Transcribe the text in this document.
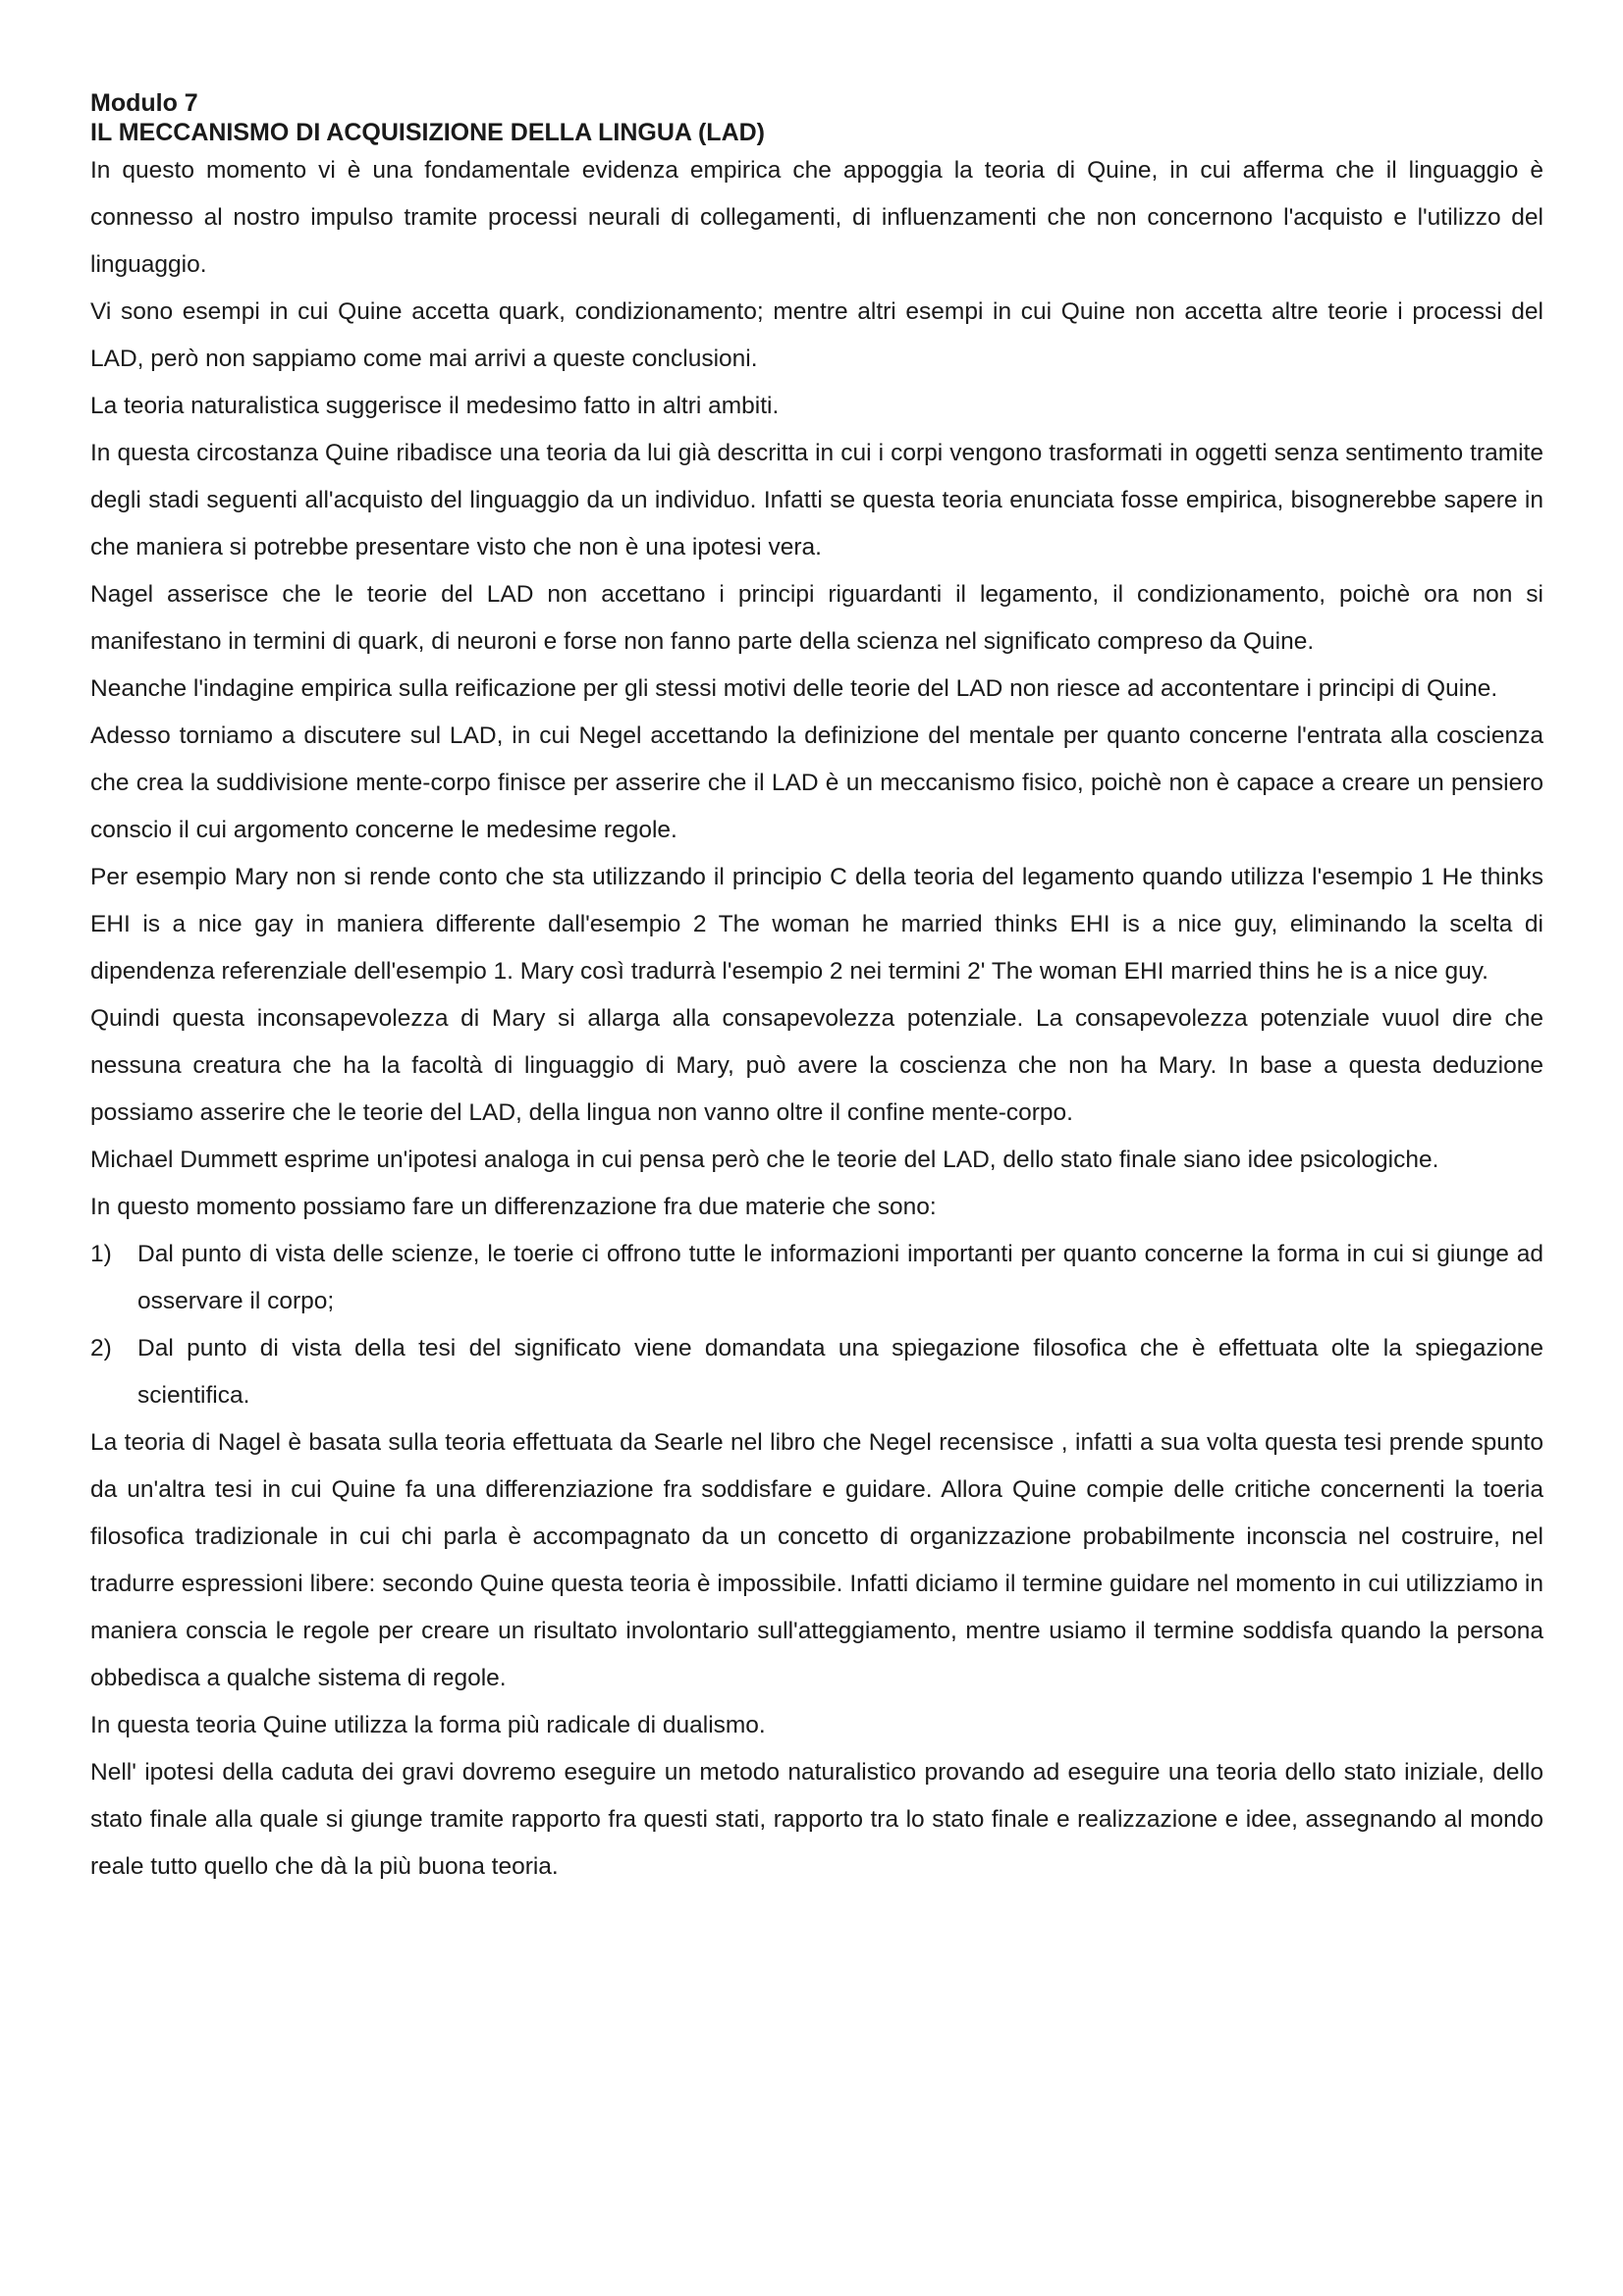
Modulo 7

IL MECCANISMO DI ACQUISIZIONE DELLA LINGUA (LAD)

In questo momento vi è una fondamentale evidenza empirica che appoggia la teoria di Quine, in cui afferma che il linguaggio è connesso al nostro impulso tramite processi neurali di collegamenti, di influenzamenti che non concernono l'acquisto e l'utilizzo del linguaggio.

Vi sono esempi in cui Quine accetta quark, condizionamento; mentre altri esempi in cui Quine non accetta altre teorie i processi del LAD, però non sappiamo come mai arrivi a queste conclusioni.

La teoria naturalistica suggerisce il medesimo fatto in altri ambiti.

In questa circostanza Quine ribadisce una teoria da lui già descritta in cui i corpi vengono trasformati in oggetti senza sentimento tramite degli stadi seguenti all'acquisto del linguaggio da un individuo. Infatti se questa teoria enunciata fosse empirica, bisognerebbe sapere in che maniera si potrebbe presentare visto che non è una ipotesi vera.

Nagel asserisce che le teorie del LAD non accettano i principi riguardanti il legamento, il condizionamento, poichè ora non si manifestano in termini di quark, di neuroni e forse non fanno parte della scienza nel significato compreso da Quine.

Neanche l'indagine empirica sulla reificazione per gli stessi motivi delle teorie del LAD non riesce ad accontentare i principi di Quine.

Adesso torniamo a discutere sul LAD, in cui Negel accettando la definizione del mentale per quanto concerne l'entrata alla coscienza che crea la suddivisione mente-corpo finisce per asserire che il LAD è un meccanismo fisico, poichè non è capace a creare un pensiero conscio il cui argomento concerne le medesime regole.

Per esempio Mary non si rende conto che sta utilizzando il principio C della teoria del legamento quando utilizza l'esempio 1 He thinks EHI is a nice gay in maniera differente dall'esempio 2 The woman he married thinks EHI is a nice guy, eliminando la scelta di dipendenza referenziale dell'esempio 1. Mary così tradurrà l'esempio 2 nei termini 2' The woman EHI married thins he is a nice guy.

Quindi questa inconsapevolezza di Mary si allarga alla consapevolezza potenziale. La consapevolezza potenziale vuuol dire che nessuna creatura che ha la facoltà di linguaggio di Mary, può avere la coscienza che non ha Mary. In base a questa deduzione possiamo asserire che le teorie del LAD, della lingua non vanno oltre il confine mente-corpo.

Michael Dummett esprime un'ipotesi analoga in cui pensa però che le teorie del LAD, dello stato finale siano idee psicologiche.

In questo momento possiamo fare un differenzazione fra due materie che sono:

1) Dal punto di vista delle scienze, le toerie ci offrono tutte le informazioni importanti per quanto concerne la forma in cui si giunge ad osservare il corpo;
2) Dal punto di vista della tesi del significato viene domandata una spiegazione filosofica che è effettuata olte la spiegazione scientifica.

La teoria di Nagel è basata sulla teoria effettuata da Searle nel libro che Negel recensisce , infatti a sua volta questa tesi prende spunto da un'altra tesi in cui Quine fa una differenziazione fra soddisfare e guidare. Allora Quine compie delle critiche concernenti la toeria filosofica tradizionale in cui chi parla è accompagnato da un concetto di organizzazione probabilmente inconscia nel costruire, nel tradurre espressioni libere: secondo Quine questa teoria è impossibile. Infatti diciamo il termine guidare nel momento in cui utilizziamo in maniera conscia le regole per creare un risultato involontario sull'atteggiamento, mentre usiamo il termine soddisfa quando la persona obbedisca a qualche sistema di regole.

In questa teoria Quine utilizza la forma più radicale di dualismo.

Nell' ipotesi della caduta dei gravi dovremo eseguire un metodo naturalistico provando ad eseguire una teoria dello stato iniziale, dello stato finale alla quale si giunge tramite rapporto fra questi stati, rapporto tra lo stato finale e realizzazione e idee, assegnando al mondo reale tutto quello che dà la più buona teoria.
